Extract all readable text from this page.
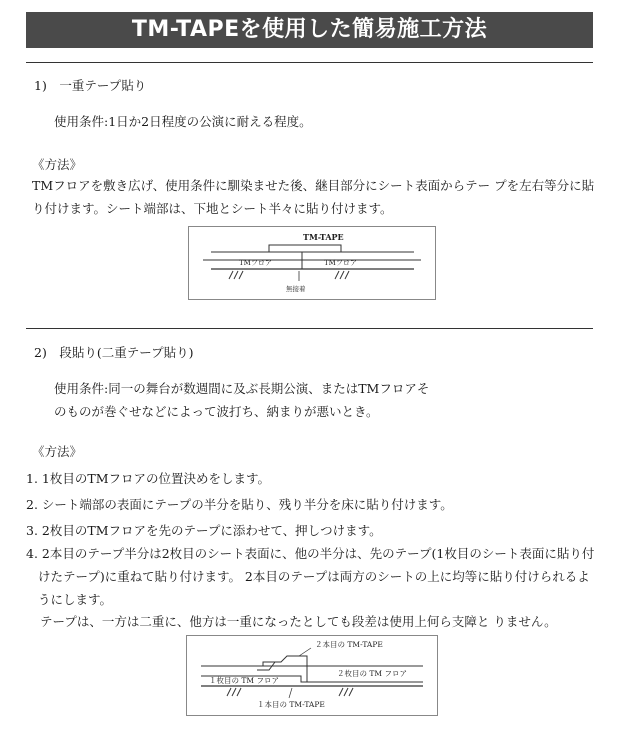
TM-TAPEを使用した簡易施工方法
1)　一重テープ貼り
使用条件:1日か2日程度の公演に耐える程度。
《方法》
TMフロアを敷き広げ、使用条件に馴染ませた後、継目部分にシート表面からテー プを左右等分に貼
り付けます。シート端部は、下地とシート半々に貼り付けます。
TM-TAPE
TMフロア	TMフロア
無接着
2)　段貼り(二重テープ貼り)
使用条件:同一の舞台が数週間に及ぶ長期公演、またはTMフロアそ
のものが巻ぐせなどによって波打ち、納まりが悪いとき。
《方法》
1. 1枚目のTMフロアの位置決めをします。
2. シート端部の表面にテープの半分を貼り、残り半分を床に貼り付けます。
3. 2枚目のTMフロアを先のテープに添わせて、押しつけます。
4. 2本目のテープ半分は2枚目のシート表面に、他の半分は、先のテープ(1枚目のシート表面に貼り付
けたテープ)に重ねて貼り付けます。 2本目のテープは両方のシートの上に均等に貼り付けられるよ
うにします。
テープは、一方は二重に、他方は一重になったとしても段差は使用上何ら支障と りません。
２本目の TM-TAPE
１枚目の TM フロア
２枚目の TM フロア
１本目の TM-TAPE
